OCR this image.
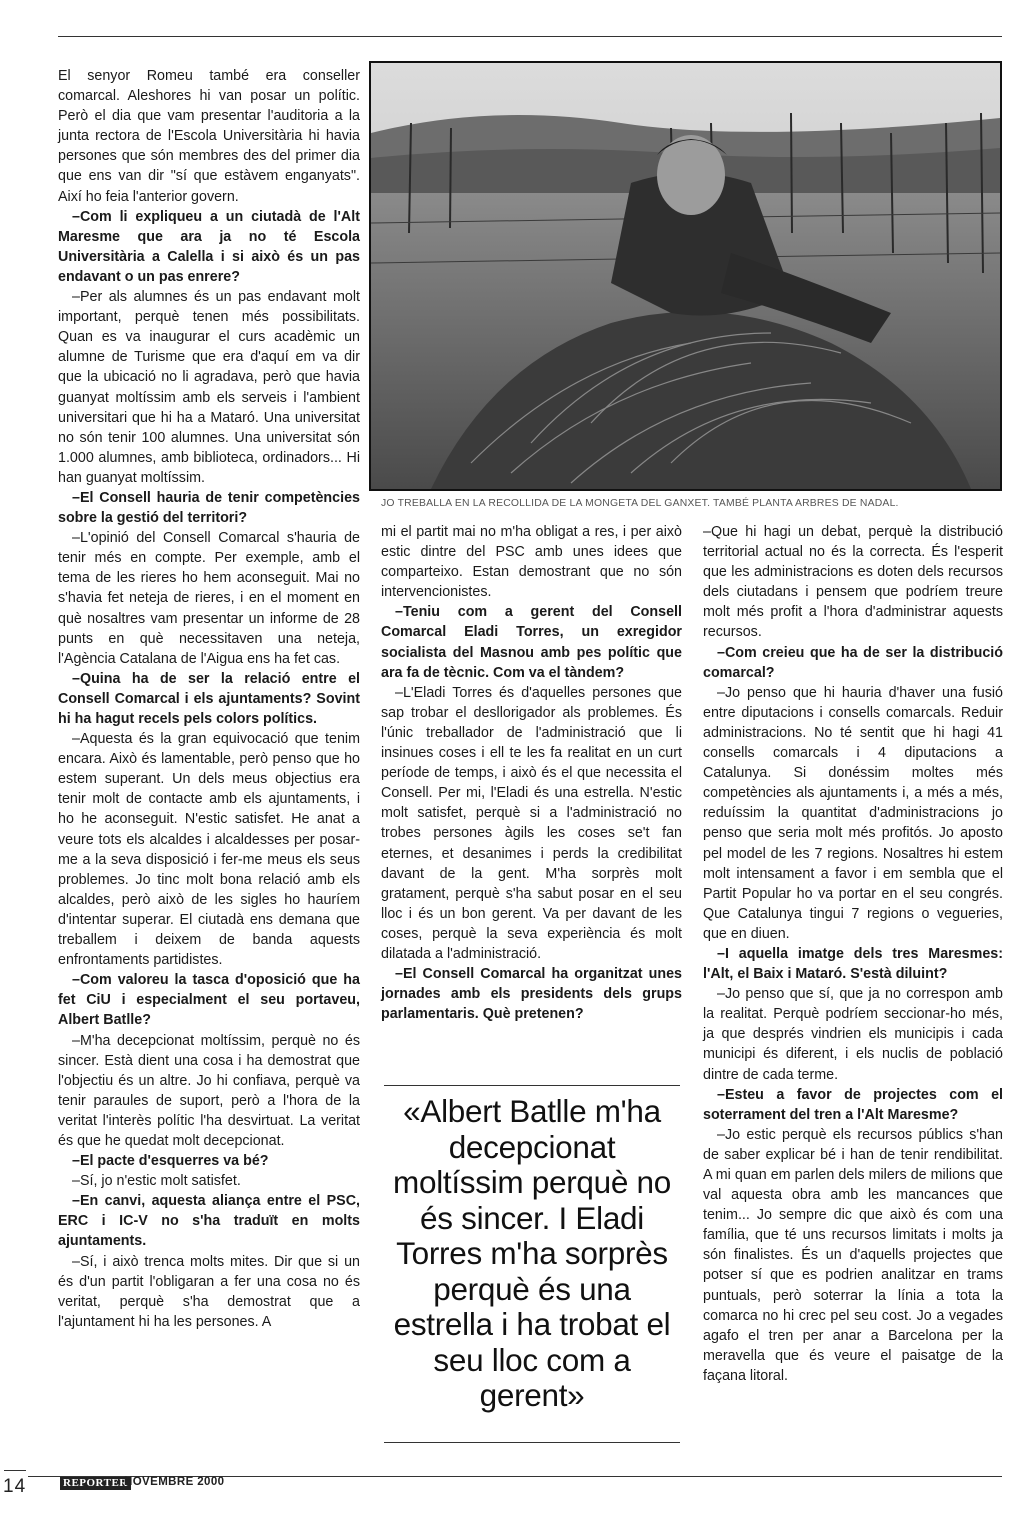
El senyor Romeu també era conseller comarcal. Aleshores hi van posar un polític. Però el dia que vam presentar l'auditoria a la junta rectora de l'Escola Universitària hi havia persones que són membres des del primer dia que ens van dir "sí que estàvem enganyats". Així ho feia l'anterior govern.

–Com li expliqueu a un ciutadà de l'Alt Maresme que ara ja no té Escola Universitària a Calella i si això és un pas endavant o un pas enrere?

–Per als alumnes és un pas endavant molt important, perquè tenen més possibilitats. Quan es va inaugurar el curs acadèmic un alumne de Turisme que era d'aquí em va dir que la ubicació no li agradava, però que havia guanyat moltíssim amb els serveis i l'ambient universitari que hi ha a Mataró. Una universitat no són tenir 100 alumnes. Una universitat són 1.000 alumnes, amb biblioteca, ordinadors... Hi han guanyat moltíssim.

–El Consell hauria de tenir competències sobre la gestió del territori?

–L'opinió del Consell Comarcal s'hauria de tenir més en compte. Per exemple, amb el tema de les rieres ho hem aconseguit. Mai no s'havia fet neteja de rieres, i en el moment en què nosaltres vam presentar un informe de 28 punts en què necessitaven una neteja, l'Agència Catalana de l'Aigua ens ha fet cas.

–Quina ha de ser la relació entre el Consell Comarcal i els ajuntaments? Sovint hi ha hagut recels pels colors polítics.

–Aquesta és la gran equivocació que tenim encara. Això és lamentable, però penso que ho estem superant. Un dels meus objectius era tenir molt de contacte amb els ajuntaments, i ho he aconseguit. N'estic satisfet. He anat a veure tots els alcaldes i alcaldesses per posar-me a la seva disposició i fer-me meus els seus problemes. Jo tinc molt bona relació amb els alcaldes, però això de les sigles ho hauríem d'intentar superar. El ciutadà ens demana que treballem i deixem de banda aquests enfrontaments partidistes.

–Com valoreu la tasca d'oposició que ha fet CiU i especialment el seu portaveu, Albert Batlle?

–M'ha decepcionat moltíssim, perquè no és sincer. Està dient una cosa i ha demostrat que l'objectiu és un altre. Jo hi confiava, perquè va tenir paraules de suport, però a l'hora de la veritat l'interès polític l'ha desvirtuat. La veritat és que he quedat molt decepcionat.

–El pacte d'esquerres va bé?

–Sí, jo n'estic molt satisfet.

–En canvi, aquesta aliança entre el PSC, ERC i IC-V no s'ha traduït en molts ajuntaments.

–Sí, i això trenca molts mites. Dir que si un és d'un partit l'obligaran a fer una cosa no és veritat, perquè s'ha demostrat que a l'ajuntament hi ha les persones. A

JO TREBALLA EN LA RECOLLIDA DE LA MONGETA DEL GANXET. TAMBÉ PLANTA ARBRES DE NADAL.

mi el partit mai no m'ha obligat a res, i per això estic dintre del PSC amb unes idees que comparteixo. Estan demostrant que no són intervencionistes.

–Teniu com a gerent del Consell Comarcal Eladi Torres, un exregidor socialista del Masnou amb pes polític que ara fa de tècnic. Com va el tàndem?

–L'Eladi Torres és d'aquelles persones que sap trobar el desllorigador als problemes. És l'únic treballador de l'administració que li insinues coses i ell te les fa realitat en un curt període de temps, i això és el que necessita el Consell. Per mi, l'Eladi és una estrella. N'estic molt satisfet, perquè si a l'administració no trobes persones àgils les coses se't fan eternes, et desanimes i perds la credibilitat davant de la gent. M'ha sorprès molt gratament, perquè s'ha sabut posar en el seu lloc i és un bon gerent. Va per davant de les coses, perquè la seva experiència és molt dilatada a l'administració.

–El Consell Comarcal ha organitzat unes jornades amb els presidents dels grups parlamentaris. Què pretenen?

«Albert Batlle m'ha decepcionat moltíssim perquè no és sincer. I Eladi Torres m'ha sorprès perquè és una estrella i ha trobat el seu lloc com a gerent»

–Que hi hagi un debat, perquè la distribució territorial actual no és la correcta. És l'esperit que les administracions es doten dels recursos dels ciutadans i pensem que podríem treure molt més profit a l'hora d'administrar aquests recursos.

–Com creieu que ha de ser la distribució comarcal?

–Jo penso que hi hauria d'haver una fusió entre diputacions i consells comarcals. Reduir administracions. No té sentit que hi hagi 41 consells comarcals i 4 diputacions a Catalunya. Si donéssim moltes més competències als ajuntaments i, a més a més, reduíssim la quantitat d'administracions jo penso que seria molt més profitós. Jo aposto pel model de les 7 regions. Nosaltres hi estem molt intensament a favor i em sembla que el Partit Popular ho va portar en el seu congrés. Que Catalunya tingui 7 regions o vegueries, que en diuen.

–I aquella imatge dels tres Maresmes: l'Alt, el Baix i Mataró. S'està diluint?

–Jo penso que sí, que ja no correspon amb la realitat. Perquè podríem seccionar-ho més, ja que després vindrien els municipis i cada municipi és diferent, i els nuclis de població dintre de cada terme.

–Esteu a favor de projectes com el soterrament del tren a l'Alt Maresme?

–Jo estic perquè els recursos públics s'han de saber explicar bé i han de tenir rendibilitat. A mi quan em parlen dels milers de milions que val aquesta obra amb les mancances que tenim... Jo sempre dic que això és com una família, que té uns recursos limitats i molts ja són finalistes. És un d'aquells projectes que potser sí que es podrien analitzar en trams puntuals, però soterrar la línia a tota la comarca no hi crec pel seu cost. Jo a vegades agafo el tren per anar a Barcelona per la meravella que és veure el paisatge de la façana litoral.

14	REPORTER
NOVEMBRE 2000
